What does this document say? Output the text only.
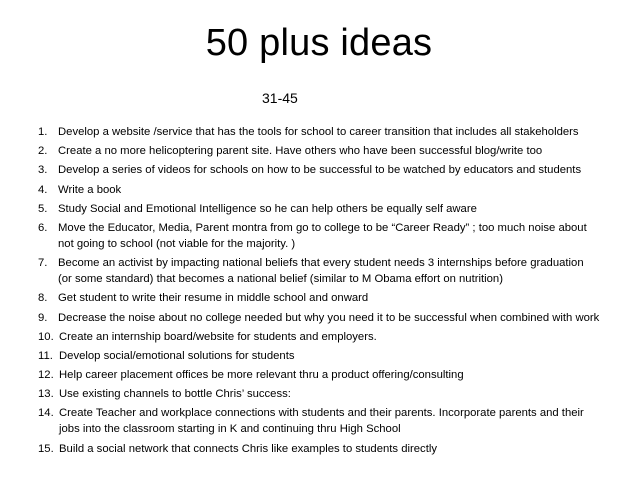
50 plus ideas
31-45
1. Develop a website /service that has the tools for school to career transition that includes all stakeholders
2. Create a no more helicoptering parent site. Have others who have been successful blog/write too
3. Develop a series of videos for schools on how to be successful to be watched by educators and students
4. Write a book
5. Study Social and Emotional Intelligence so he can help others be equally self aware
6. Move the Educator, Media, Parent montra from go to college to be “Career Ready” ; too much noise about not going to school (not viable for the majority. )
7. Become an activist by impacting national beliefs that every student needs 3 internships before graduation (or some standard) that becomes a national belief (similar to M Obama effort on nutrition)
8. Get student to write their resume in middle school and onward
9. Decrease the noise about no college needed but why you need it to be successful when combined with work
10. Create an internship board/website for students and employers.
11. Develop social/emotional solutions for students
12. Help career placement offices be more relevant thru a product offering/consulting
13. Use existing channels to bottle Chris’ success:
14. Create Teacher and workplace connections with students and their parents. Incorporate parents and their jobs into the classroom starting in K and continuing thru High School
15. Build a social network that connects Chris like examples to students directly
